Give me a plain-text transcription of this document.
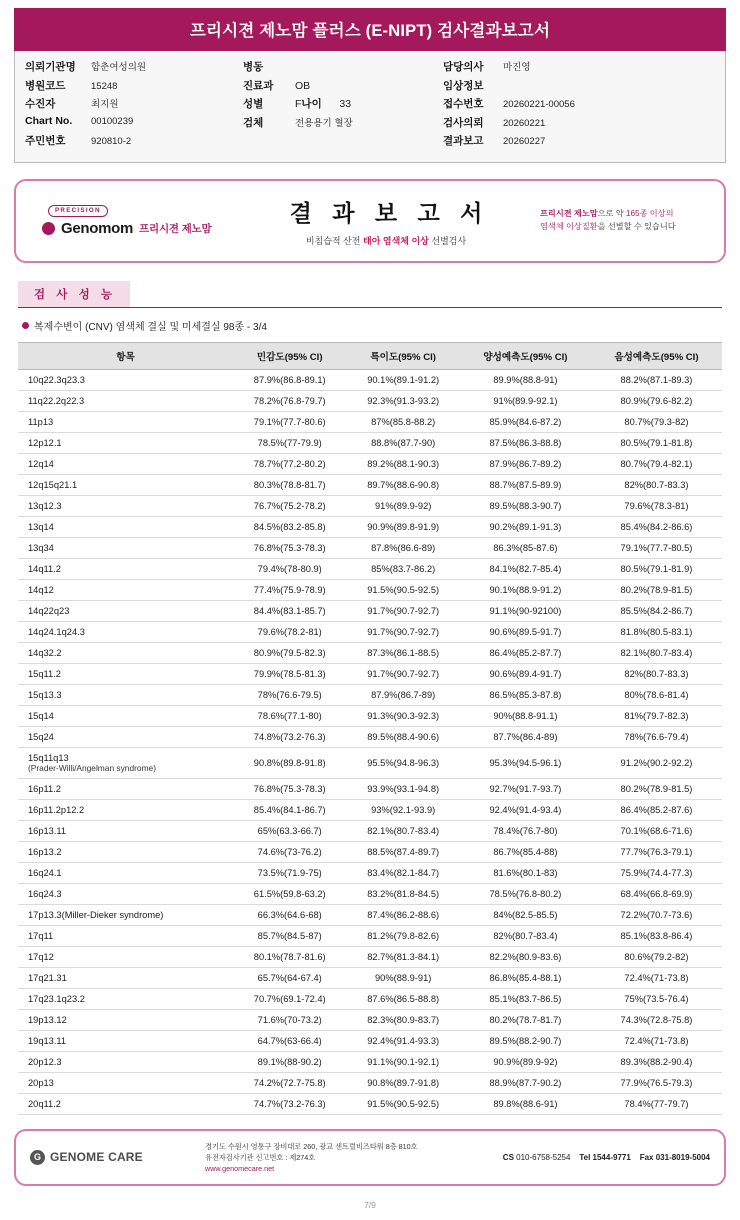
프리시젼 제노맘 플러스 (E-NIPT) 검사결과보고서
의뢰기관명	함춘여성의원
병원코드	15248
수진자	최지원
Chart No.	00100239
주민번호	920810-2
병동
진료과	OB
성별	F 나이	33
검체	전용용기 혈장
담당의사	마진영
임상정보
접수번호	20260221-00056
검사의뢰	20260221
결과보고	20260227
PRECISION
Genomom 프리시젼 제노맘
결 과 보 고 서
비침습적 산전 태아 염색체 이상 선별검사
프리시젼 제노맘으로 약 165종 이상의
염색체 이상질환을 선별할 수 있습니다
검 사 성 능
복제수변이 (CNV) 염색체 결실 및 미세결실 98종 - 3/4
항목	민감도(95% CI)	특이도(95% CI)	양성예측도(95% CI)	음성예측도(95% CI)
10q22.3q23.3	87.9%(86.8-89.1)	90.1%(89.1-91.2)	89.9%(88.8-91)	88.2%(87.1-89.3)
11q22.2q22.3	78.2%(76.8-79.7)	92.3%(91.3-93.2)	91%(89.9-92.1)	80.9%(79.6-82.2)
11p13	79.1%(77.7-80.6)	87%(85.8-88.2)	85.9%(84.6-87.2)	80.7%(79.3-82)
12p12.1	78.5%(77-79.9)	88.8%(87.7-90)	87.5%(86.3-88.8)	80.5%(79.1-81.8)
12q14	78.7%(77.2-80.2)	89.2%(88.1-90.3)	87.9%(86.7-89.2)	80.7%(79.4-82.1)
12q15q21.1	80.3%(78.8-81.7)	89.7%(88.6-90.8)	88.7%(87.5-89.9)	82%(80.7-83.3)
13q12.3	76.7%(75.2-78.2)	91%(89.9-92)	89.5%(88.3-90.7)	79.6%(78.3-81)
13q14	84.5%(83.2-85.8)	90.9%(89.8-91.9)	90.2%(89.1-91.3)	85.4%(84.2-86.6)
13q34	76.8%(75.3-78.3)	87.8%(86.6-89)	86.3%(85-87.6)	79.1%(77.7-80.5)
14q11.2	79.4%(78-80.9)	85%(83.7-86.2)	84.1%(82.7-85.4)	80.5%(79.1-81.9)
14q12	77.4%(75.9-78.9)	91.5%(90.5-92.5)	90.1%(88.9-91.2)	80.2%(78.9-81.5)
14q22q23	84.4%(83.1-85.7)	91.7%(90.7-92.7)	91.1%(90-92100)	85.5%(84.2-86.7)
14q24.1q24.3	79.6%(78.2-81)	91.7%(90.7-92.7)	90.6%(89.5-91.7)	81.8%(80.5-83.1)
14q32.2	80.9%(79.5-82.3)	87.3%(86.1-88.5)	86.4%(85.2-87.7)	82.1%(80.7-83.4)
15q11.2	79.9%(78.5-81.3)	91.7%(90.7-92.7)	90.6%(89.4-91.7)	82%(80.7-83.3)
15q13.3	78%(76.6-79.5)	87.9%(86.7-89)	86.5%(85.3-87.8)	80%(78.6-81.4)
15q14	78.6%(77.1-80)	91.3%(90.3-92.3)	90%(88.8-91.1)	81%(79.7-82.3)
15q24	74.8%(73.2-76.3)	89.5%(88.4-90.6)	87.7%(86.4-89)	78%(76.6-79.4)
15q11q13
(Prader-Willi/Angelman syndrome)	90.8%(89.8-91.8)	95.5%(94.8-96.3)	95.3%(94.5-96.1)	91.2%(90.2-92.2)
16p11.2	76.8%(75.3-78.3)	93.9%(93.1-94.8)	92.7%(91.7-93.7)	80.2%(78.9-81.5)
16p11.2p12.2	85.4%(84.1-86.7)	93%(92.1-93.9)	92.4%(91.4-93.4)	86.4%(85.2-87.6)
16p13.11	65%(63.3-66.7)	82.1%(80.7-83.4)	78.4%(76.7-80)	70.1%(68.6-71.6)
16p13.2	74.6%(73-76.2)	88.5%(87.4-89.7)	86.7%(85.4-88)	77.7%(76.3-79.1)
16q24.1	73.5%(71.9-75)	83.4%(82.1-84.7)	81.6%(80.1-83)	75.9%(74.4-77.3)
16q24.3	61.5%(59.8-63.2)	83.2%(81.8-84.5)	78.5%(76.8-80.2)	68.4%(66.8-69.9)
17p13.3(Miller-Dieker syndrome)	66.3%(64.6-68)	87.4%(86.2-88.6)	84%(82.5-85.5)	72.2%(70.7-73.6)
17q11	85.7%(84.5-87)	81.2%(79.8-82.6)	82%(80.7-83.4)	85.1%(83.8-86.4)
17q12	80.1%(78.7-81.6)	82.7%(81.3-84.1)	82.2%(80.9-83.6)	80.6%(79.2-82)
17q21.31	65.7%(64-67.4)	90%(88.9-91)	86.8%(85.4-88.1)	72.4%(71-73.8)
17q23.1q23.2	70.7%(69.1-72.4)	87.6%(86.5-88.8)	85.1%(83.7-86.5)	75%(73.5-76.4)
19p13.12	71.6%(70-73.2)	82.3%(80.9-83.7)	80.2%(78.7-81.7)	74.3%(72.8-75.8)
19q13.11	64.7%(63-66.4)	92.4%(91.4-93.3)	89.5%(88.2-90.7)	72.4%(71-73.8)
20p12.3	89.1%(88-90.2)	91.1%(90.1-92.1)	90.9%(89.9-92)	89.3%(88.2-90.4)
20p13	74.2%(72.7-75.8)	90.8%(89.7-91.8)	88.9%(87.7-90.2)	77.9%(76.5-79.3)
20q11.2	74.7%(73.2-76.3)	91.5%(90.5-92.5)	89.8%(88.6-91)	78.4%(77-79.7)
G GENOME CARE
경기도 수원시 영통구 장비대로 260, 광교 센트럴비즈타워 8층 810호
유전자검사기관 신고번호 : 제274호
www.genomecare.net
CS 010-6758-5254 Tel 1544-9771 Fax 031-8019-5004
7/9
